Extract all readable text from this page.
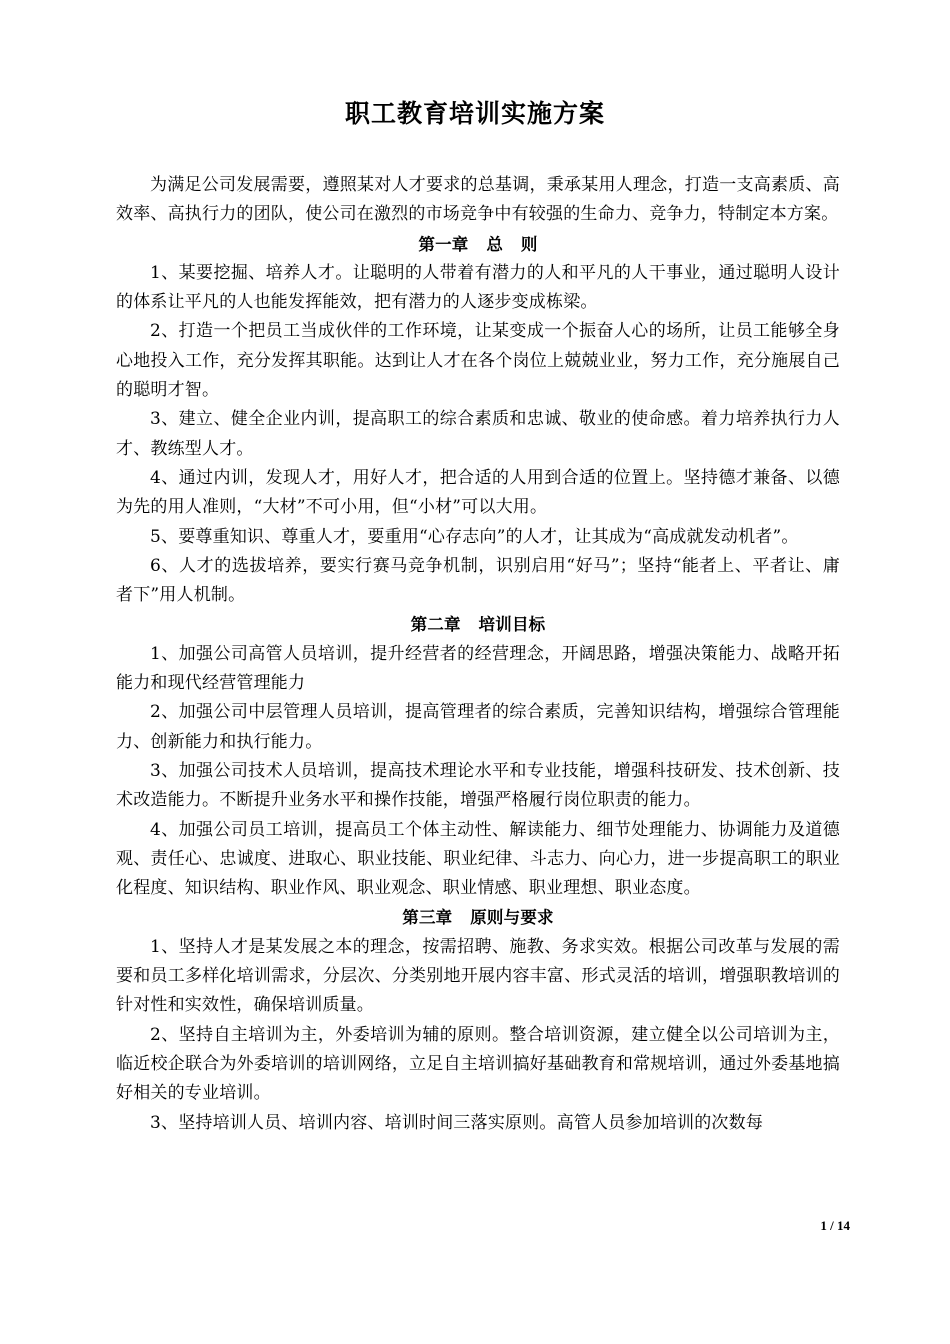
职工教育培训实施方案

为满足公司发展需要，遵照某对人才要求的总基调，秉承某用人理念，打造一支高素质、高效率、高执行力的团队，使公司在激烈的市场竞争中有较强的生命力、竞争力，特制定本方案。

第一章   总   则

1、某要挖掘、培养人才。让聪明的人带着有潜力的人和平凡的人干事业，通过聪明人设计的体系让平凡的人也能发挥能效，把有潜力的人逐步变成栋梁。

2、打造一个把员工当成伙伴的工作环境，让某变成一个振奋人心的场所，让员工能够全身心地投入工作，充分发挥其职能。达到让人才在各个岗位上兢兢业业，努力工作，充分施展自己的聪明才智。

3、建立、健全企业内训，提高职工的综合素质和忠诚、敬业的使命感。着力培养执行力人才、教练型人才。

4、通过内训，发现人才，用好人才，把合适的人用到合适的位置上。坚持德才兼备、以德为先的用人准则，“大材”不可小用，但“小材”可以大用。

5、要尊重知识、尊重人才，要重用“心存志向”的人才，让其成为“高成就发动机者”。

6、人才的选拔培养，要实行赛马竞争机制，识别启用“好马”；坚持“能者上、平者让、庸者下”用人机制。

第二章   培训目标

1、加强公司高管人员培训，提升经营者的经营理念，开阔思路，增强决策能力、战略开拓能力和现代经营管理能力

2、加强公司中层管理人员培训，提高管理者的综合素质，完善知识结构，增强综合管理能力、创新能力和执行能力。

3、加强公司技术人员培训，提高技术理论水平和专业技能，增强科技研发、技术创新、技术改造能力。不断提升业务水平和操作技能，增强严格履行岗位职责的能力。

4、加强公司员工培训，提高员工个体主动性、解读能力、细节处理能力、协调能力及道德观、责任心、忠诚度、进取心、职业技能、职业纪律、斗志力、向心力，进一步提高职工的职业化程度、知识结构、职业作风、职业观念、职业情感、职业理想、职业态度。

第三章   原则与要求

1、坚持人才是某发展之本的理念，按需招聘、施教、务求实效。根据公司改革与发展的需要和员工多样化培训需求，分层次、分类别地开展内容丰富、形式灵活的培训，增强职教培训的针对性和实效性，确保培训质量。

2、坚持自主培训为主，外委培训为辅的原则。整合培训资源，建立健全以公司培训为主，临近校企联合为外委培训的培训网络，立足自主培训搞好基础教育和常规培训，通过外委基地搞好相关的专业培训。

3、坚持培训人员、培训内容、培训时间三落实原则。高管人员参加培训的次数每

1 / 14
